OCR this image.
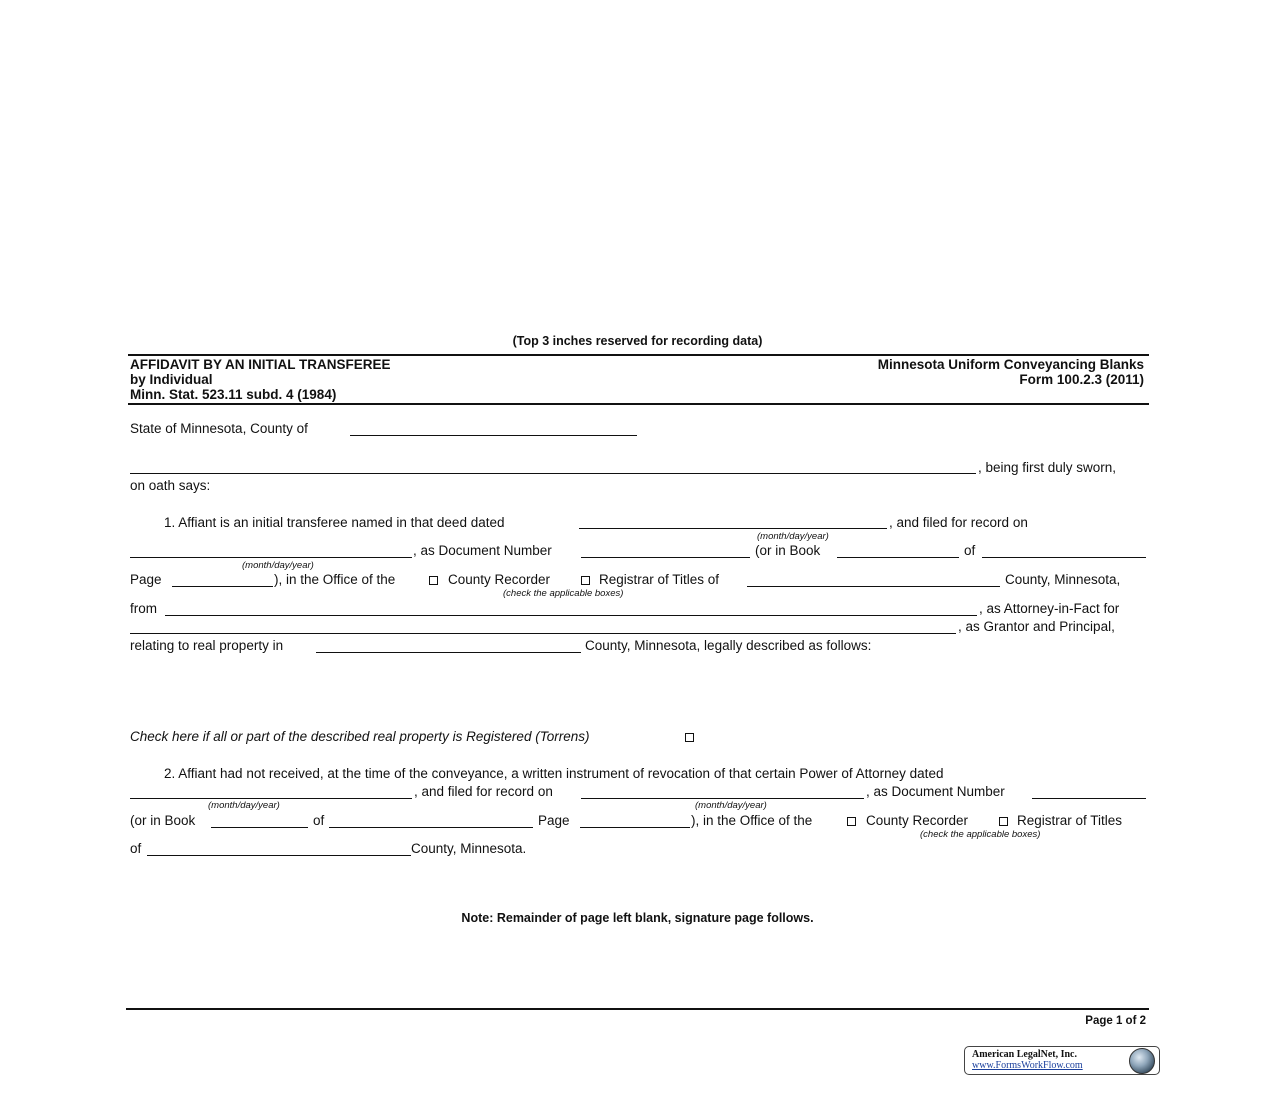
(Top 3 inches reserved for recording data)
AFFIDAVIT BY AN INITIAL TRANSFEREE
by Individual
Minn. Stat. 523.11 subd. 4 (1984)
Minnesota Uniform Conveyancing Blanks
Form 100.2.3 (2011)
State of Minnesota, County of
, being first duly sworn,
on oath says:
1. Affiant is an initial transferee named in that deed dated	, and filed for record on
(month/day/year)
, as Document Number	(or in Book	of
(month/day/year)
Page	), in the Office of the	County Recorder	Registrar of Titles of	County, Minnesota,
(check the applicable boxes)
from	, as Attorney-in-Fact for
, as Grantor and Principal,
relating to real property in	County, Minnesota, legally described as follows:
Check here if all or part of the described real property is Registered (Torrens)
2. Affiant had not received, at the time of the conveyance, a written instrument of revocation of that certain Power of Attorney dated
, and filed for record on	, as Document Number
(month/day/year)	(month/day/year)
(or in Book	of	Page	), in the Office of the	County Recorder	Registrar of Titles
(check the applicable boxes)
of	County, Minnesota.
Note: Remainder of page left blank, signature page follows.
Page 1 of 2
American LegalNet, Inc.
www.FormsWorkFlow.com
